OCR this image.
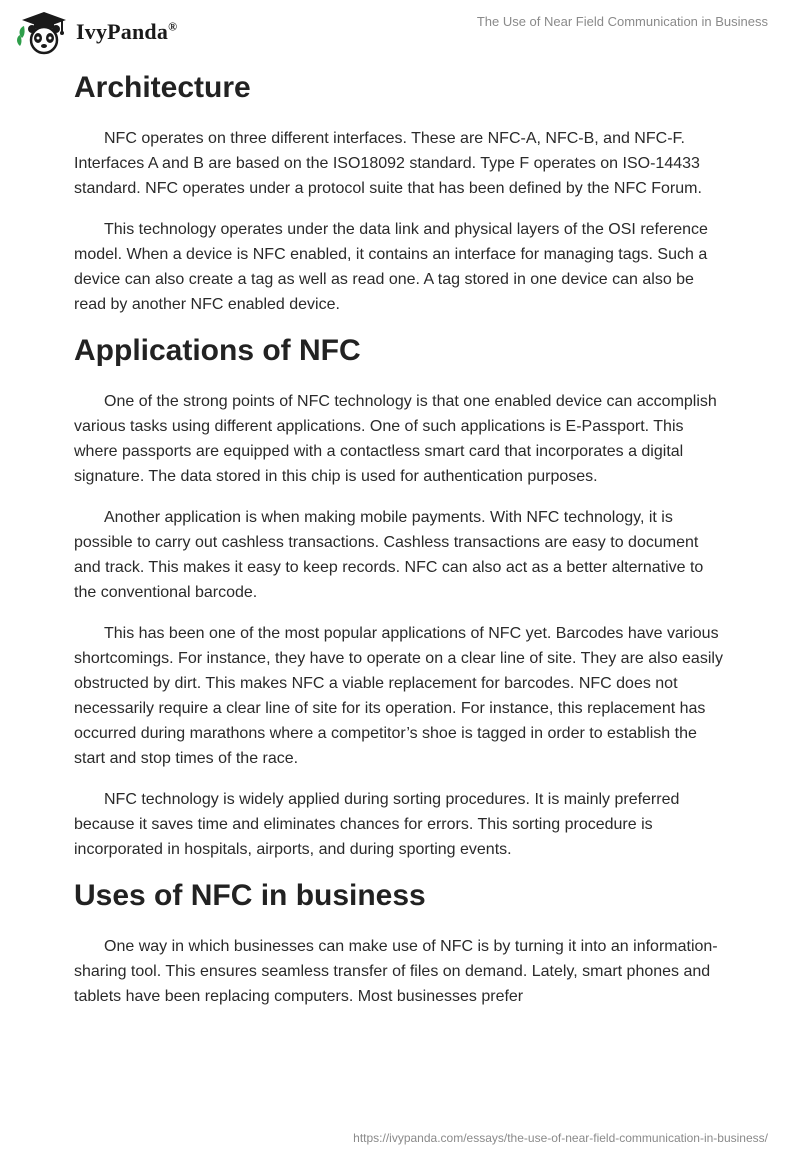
IvyPanda®	The Use of Near Field Communication in Business
Architecture

NFC operates on three different interfaces. These are NFC-A, NFC-B, and NFC-F. Interfaces A and B are based on the ISO18092 standard. Type F operates on ISO-14433 standard. NFC operates under a protocol suite that has been defined by the NFC Forum.

This technology operates under the data link and physical layers of the OSI reference model. When a device is NFC enabled, it contains an interface for managing tags. Such a device can also create a tag as well as read one. A tag stored in one device can also be read by another NFC enabled device.

Applications of NFC

One of the strong points of NFC technology is that one enabled device can accomplish various tasks using different applications. One of such applications is E-Passport. This where passports are equipped with a contactless smart card that incorporates a digital signature. The data stored in this chip is used for authentication purposes.

Another application is when making mobile payments. With NFC technology, it is possible to carry out cashless transactions. Cashless transactions are easy to document and track. This makes it easy to keep records. NFC can also act as a better alternative to the conventional barcode.

This has been one of the most popular applications of NFC yet. Barcodes have various shortcomings. For instance, they have to operate on a clear line of site. They are also easily obstructed by dirt. This makes NFC a viable replacement for barcodes. NFC does not necessarily require a clear line of site for its operation. For instance, this replacement has occurred during marathons where a competitor’s shoe is tagged in order to establish the start and stop times of the race.

NFC technology is widely applied during sorting procedures. It is mainly preferred because it saves time and eliminates chances for errors. This sorting procedure is incorporated in hospitals, airports, and during sporting events.

Uses of NFC in business

One way in which businesses can make use of NFC is by turning it into an information-sharing tool. This ensures seamless transfer of files on demand. Lately, smart phones and tablets have been replacing computers. Most businesses prefer

https://ivypanda.com/essays/the-use-of-near-field-communication-in-business/
